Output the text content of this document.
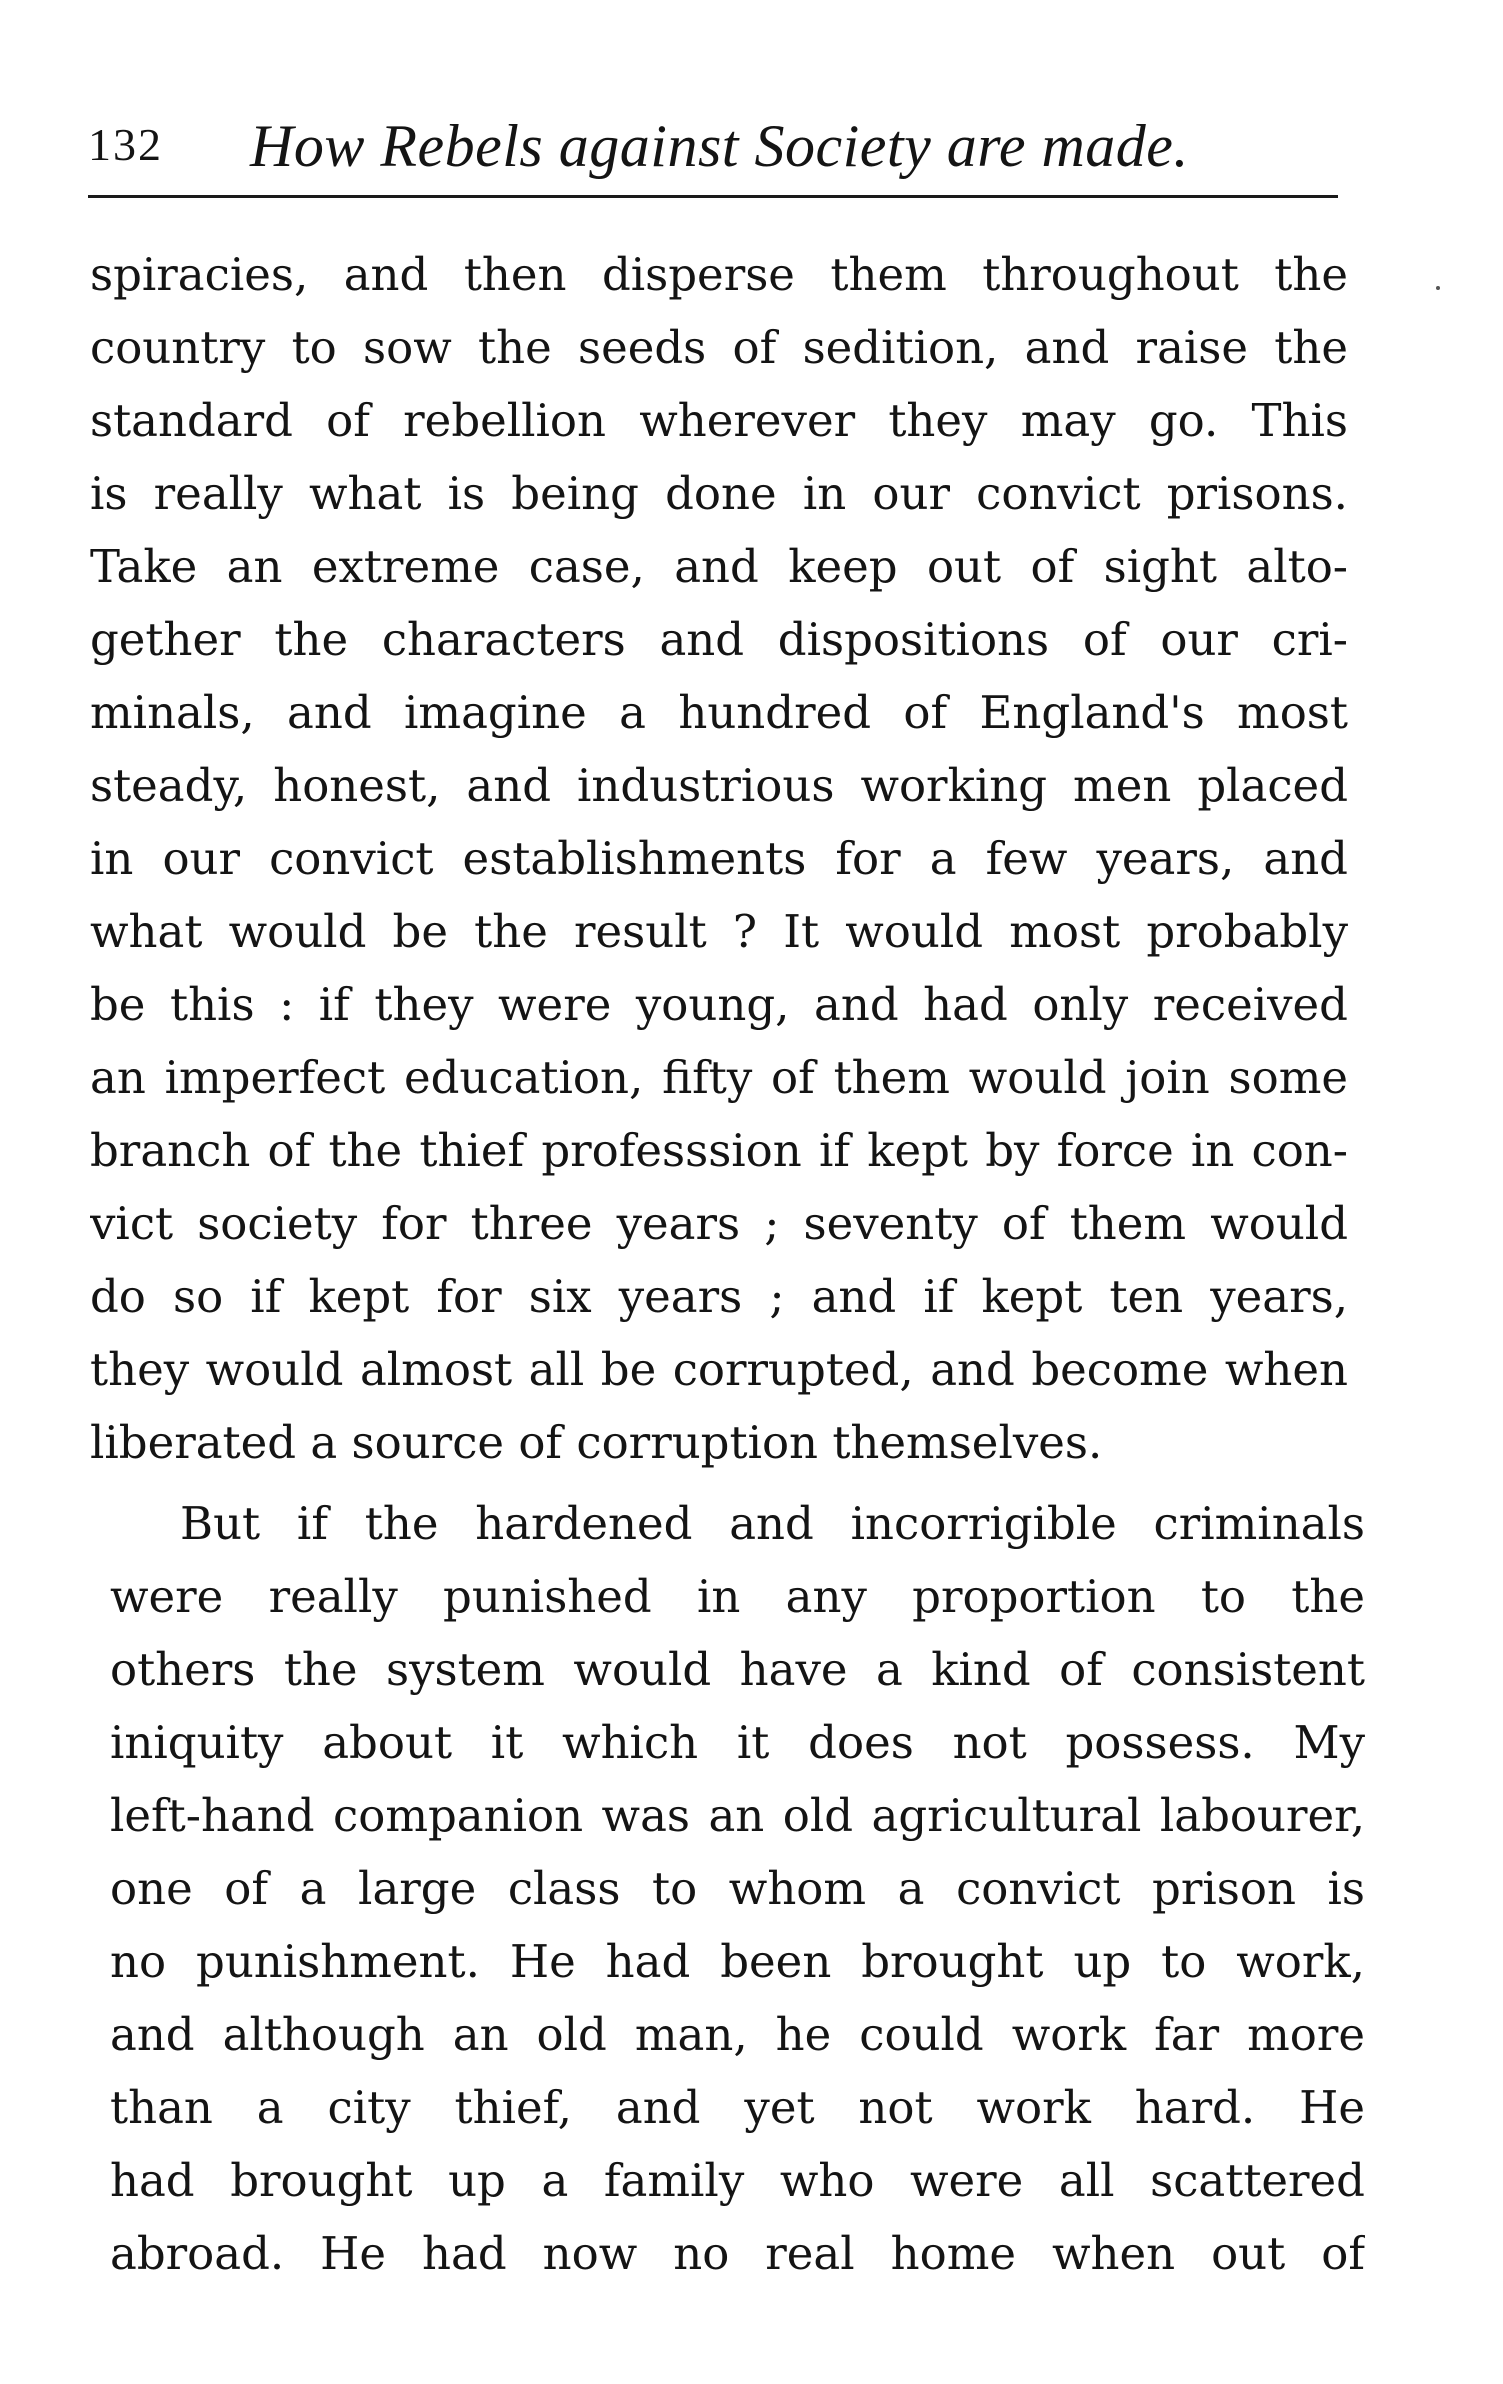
132 How Rebels against Society are made.
spiracies, and then disperse them throughout the
country to sow the seeds of sedition, and raise the
standard of rebellion wherever they may go. This
is really what is being done in our convict prisons.
Take an extreme case, and keep out of sight alto-
gether the characters and dispositions of our cri-
minals, and imagine a hundred of England's most
steady, honest, and industrious working men placed
in our convict establishments for a few years, and
what would be the result ? It would most probably
be this : if they were young, and had only received
an imperfect education, fifty of them would join some
branch of the thief professsion if kept by force in con-
vict society for three years ; seventy of them would
do so if kept for six years ; and if kept ten years,
they would almost all be corrupted, and become when
liberated a source of corruption themselves.
But if the hardened and incorrigible criminals
were really punished in any proportion to the
others the system would have a kind of consistent
iniquity about it which it does not possess. My
left-hand companion was an old agricultural labourer,
one of a large class to whom a convict prison is
no punishment. He had been brought up to work,
and although an old man, he could work far more
than a city thief, and yet not work hard. He
had brought up a family who were all scattered
abroad. He had now no real home when out of
